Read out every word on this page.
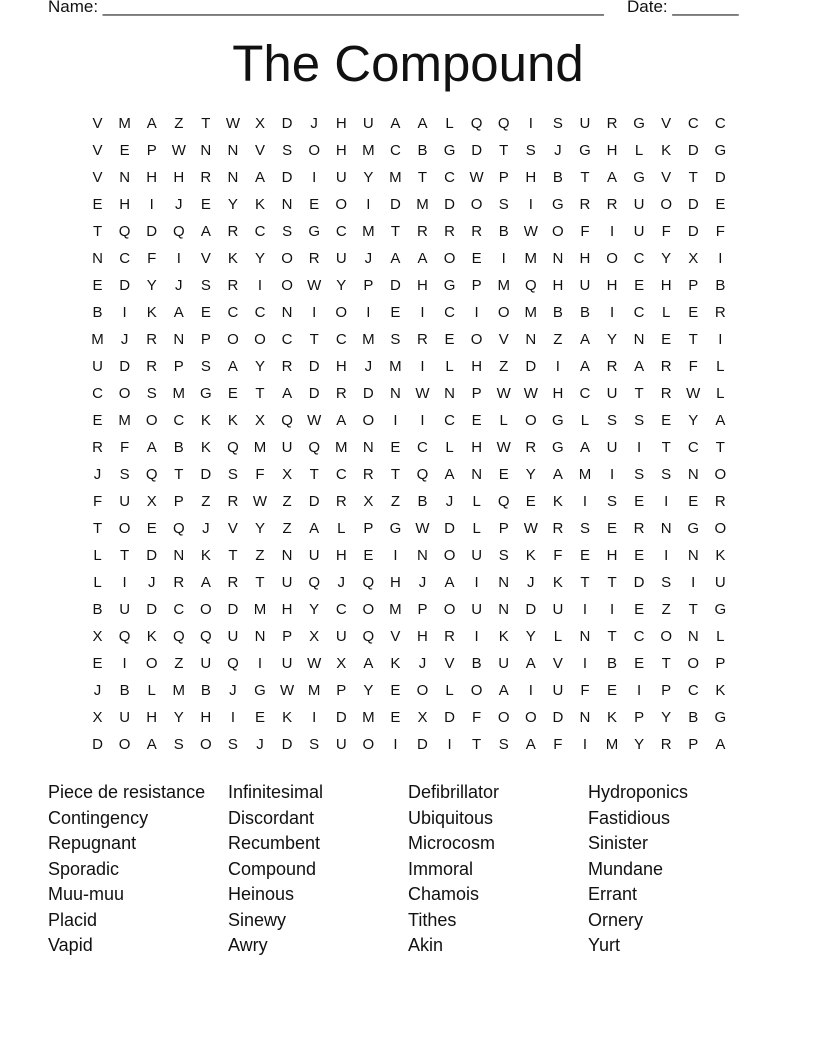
Name: _____________________________________________________ Date: _______
The Compound
V	M	A	Z	T	W X	D	J	H	U	A	A	L	Q	Q	I	S	U	R	G	V	C	C
V	E	P W N	N	V	S	O	H	M	C	B	G	D	T	S	J	G	H	L	K	D	G
V	N	H	H	R	N	A	D	I	U	Y	M	T	C W P	H	B	T	A	G	V	T	D
E	H	I	J	E	Y	K	N	E	O	I	D	M	D	O	S	I	G	R	R	U	O	D	E
T	Q	D	Q	A	R	C	S	G	C	M	T	R	R	R	B W O	F	I	U	F	D	F
N	C	F	I	V	K	Y	O	R	U	J	A	A	O	E	I	M	N	H	O	C	Y	X	I
E	D	Y	J	S	R	I	O W Y	P	D	H	G	P	M	Q	H	U	H	E	H	P	B
B	I	K	A	E	C	C	N	I	O	I	E	I	C	I	O M	B	B	I	C	L	E	R
M	J	R	N	P	O	O	C	T	C	M	S	R	E	O	V	N	Z	A	Y	N	E	T	I
U	D	R	P	S	A	Y	R	D	H	J	M	I	L	H	Z	D	I	A	R	A	R	F	L
C	O	S	M	G	E	T	A	D	R	D	N W N	P W W H	C	U	T	R W	L
E	M	O	C	K	K	X	Q W A	O	I	I	C	E	L	O	G	L	S	S	E	Y	A
R	F	A	B	K	Q M	U	Q M	N	E	C	L	H W R	G	A	U	I	T	C	T
J	S	Q	T	D	S	F	X	T	C	R	T	Q	A	N	E	Y	A	M	I	S	S	N	O
F	U	X	P	Z	R W	Z	D	R	X	Z	B	J	L	Q	E	K	I	S	E	I	E	R
T	O	E	Q	J	V	Y	Z	A	L	P	G W D	L	P W R	S	E	R	N	G	O
L	T	D	N	K	T	Z	N	U	H	E	I	N	O	U	S	K	F	E	H	E	I	N	K
L	I	J	R	A	R	T	U	Q	J	Q	H	J	A	I	N	J	K	T	T	D	S	I	U
B	U	D	C	O	D	M	H	Y	C	O M	P	O	U	N	D	U	I	I	E	Z	T	G
X	Q	K	Q	Q	U	N	P	X	U	Q	V	H	R	I	K	Y	L	N	T	C	O	N	L
E	I	O	Z	U	Q	I	U W X	A	K	J	V	B	U	A	V	I	B	E	T	O	P
J	B	L	M	B	J	G W M	P	Y	E	O	L	O	A	I	U	F	E	I	P	C	K
X	U	H	Y	H	I	E	K	I	D	M	E	X	D	F	O	O	D	N	K	P	Y	B	G
D	O	A	S	O	S	J	D	S	U	O	I	D	I	T	S	A	F	I	M	Y	R	P	A
Piece de resistance
Contingency
Repugnant
Sporadic
Muu-muu
Placid
Vapid
Infinitesimal
Discordant
Recumbent
Compound
Heinous
Sinewy
Awry
Defibrillator
Ubiquitous
Microcosm
Immoral
Chamois
Tithes
Akin
Hydroponics
Fastidious
Sinister
Mundane
Errant
Ornery
Yurt
